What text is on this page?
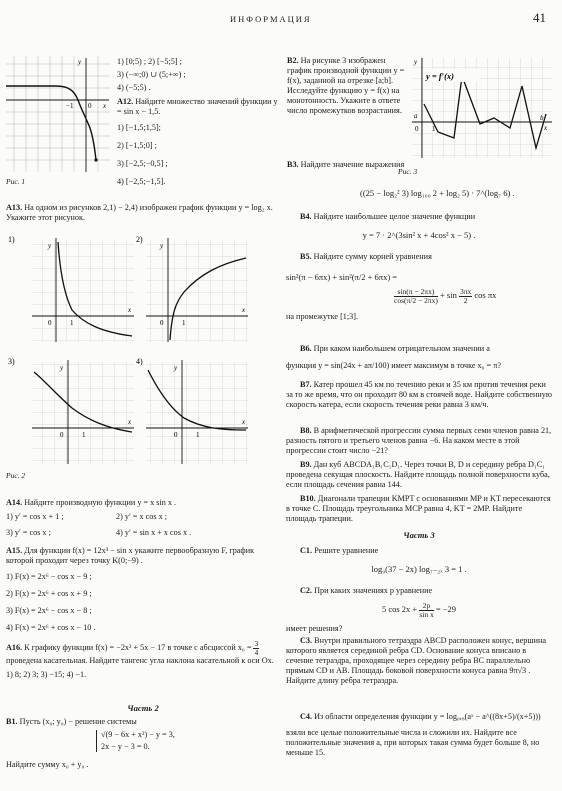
ИНФОРМАЦИЯ	41
y
x
0
−1
Рис. 1
1) [0;5) ; 2) [−5;5] ;
3) (−∞;0) ∪ (5;+∞) ;
4) (−5;5) .

A12. Найдите множество значений функции y = sin x − 1,5.

1) [−1,5;1,5];
2) [−1,5;0] ;
3) [−2,5;−0,5] ;
4) [−2,5;−1,5].
A13. На одном из рисунков 2,1) − 2,4) изображен график функции y = log₂ x. Укажите этот рисунок.
1)	2)
3)	4)
y
x
0	1
y
x
0	1
y
x
0	1
y
x
0	1
Рис. 2

A14. Найдите производную функции y = x sin x .

1) y′ = cos x + 1 ;	2) y′ = x cos x ;
3) y′ = cos x ;	4) y′ = sin x + x cos x .

A15. Для функции f(x) = 12x³ − sin x укажите первообразную F, график которой проходит через точку K(0;−9) .

1) F(x) = 2x⁶ − cos x − 9 ;
2) F(x) = 2x⁶ + cos x + 9 ;
3) F(x) = 2x⁶ − cos x − 8 ;
4) F(x) = 2x⁶ + cos x − 10 .

A16. К графику функции f(x) = −2x² + 5x − 17 в точке с абсциссой $x_0 = \frac{3}{4}$
проведена касательная. Найдите тангенс угла наклона касательной к оси Ox.

1) 8; 2) 3; 3) −15; 4) −1.
Часть 2

B1. Пусть (x₀; y₀) − решение системы

√(9 − 6x + x²) − y = 3,
2x − y − 3 = 0.
Найдите сумму x₀ + y₀ .
B2. На рисунке 3 изображен график производной функции y = f(x), заданной на отрезке [a;b]. Исследуйте функцию y = f(x) на монотонность. Укажите в ответе число промежутков возрастания.
y = f′(x)
y
x
b
a
0 1
Рис. 3
B3. Найдите значение выражения
((25 − log₂² 3) log₁₆₀ 2 + log₂ 5) · 7^(log₇ 6) .

B4. Найдите наибольшее целое значение функции

y = 7 · 2^(3sin² x + 4cos² x − 5) .

B5. Найдите сумму корней уравнения

sin²(π − 6πx) + sin²(π/2 + 6πx) =
$\frac{\sin(\pi - 2\pi x)}{\cos(\pi/2 - 2\pi x)} + \sin \frac{3\pi x}{2}$ cos πx
на промежутке [1;3].

B6. При каком наибольшем отрицательном значении a

функция y = sin(24x + aπ/100) имеет максимум в точке x₀ = π?

B7. Катер прошел 45 км по течению реки и 35 км против течения реки за то же время, что он проходит 80 км в стоячей воде. Найдите собственную скорость катера, если скорость течения реки равна 3 км/ч.

B8. В арифметической прогрессии сумма первых семи членов равна 21, разность пятого и третьего членов равна −6. На каком месте в этой прогрессии стоит число −21?

B9. Дан куб ABCDA₁B₁C₁D₁. Через точки B, D и середину ребра D₁C₁ проведена секущая плоскость. Найдите площадь полной поверхности куба, если площадь сечения равна 144.

B10. Диагонали трапеции KMPT с основаниями MP и KT пересекаются в точке C. Площадь треугольника MCP равна 4, KT = 2MP. Найдите площадь трапеции.

Часть 3

C1. Решите уравнение

log₉(37 − 2x) log₇₋₂ₓ 3 = 1 .

C2. При каких значениях p уравнение

5 $\cos 2x + \frac{2p}{\text{sin x}} = -29$
имеет решения?

C3. Внутри правильного тетраэдра ABCD расположен конус, вершина которого является серединой ребра CD. Основание конуса вписано в сечение тетраэдра, проходящее через середину ребра BC параллельно прямым CD и AB. Площадь боковой поверхности конуса равна 9π√3 . Найдите длину ребра тетраэдра.

C4. Из области определения функции y = log₀,₈(aˣ − a^((8x+5)/(x+5)))

взяли все целые положительные числа и сложили их. Найдите все положительные значения a, при которых такая сумма будет больше 8, но меньше 15.
